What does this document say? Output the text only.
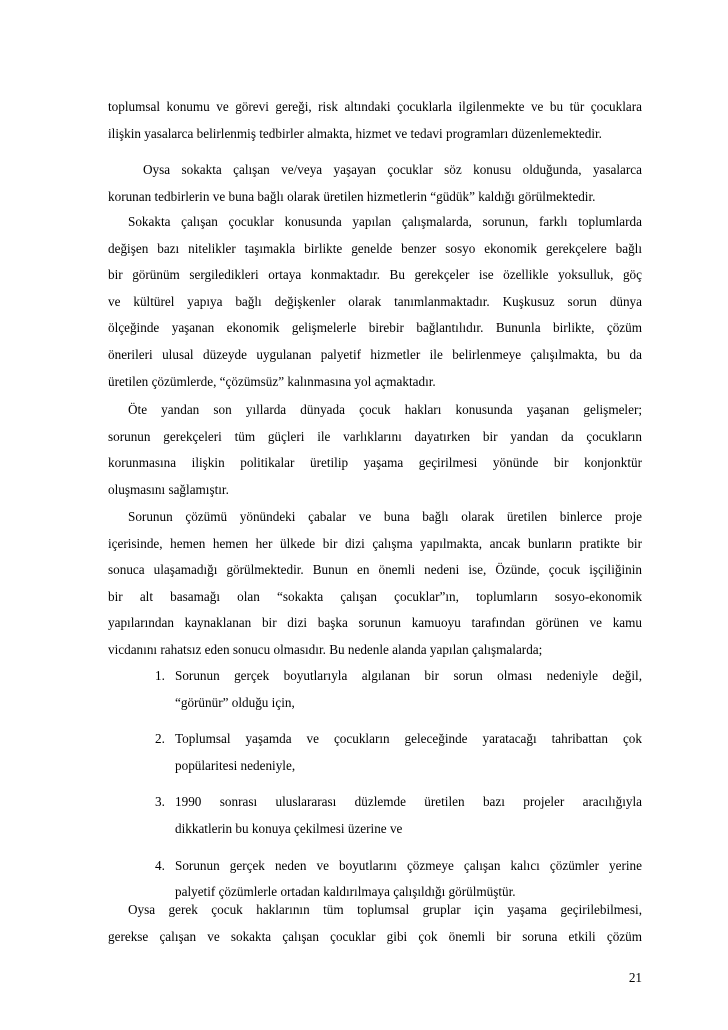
toplumsal konumu ve görevi gereği, risk altındaki çocuklarla ilgilenmekte ve bu tür çocuklara
ilişkin yasalarca belirlenmiş tedbirler almakta, hizmet ve tedavi programları düzenlemektedir.
Oysa sokakta çalışan ve/veya yaşayan çocuklar söz konusu olduğunda, yasalarca
korunan tedbirlerin ve buna bağlı olarak üretilen hizmetlerin “güdük” kaldığı görülmektedir.
Sokakta çalışan çocuklar konusunda yapılan çalışmalarda, sorunun, farklı toplumlarda
değişen bazı nitelikler taşımakla birlikte genelde benzer sosyo ekonomik gerekçelere bağlı
bir görünüm sergiledikleri ortaya konmaktadır. Bu gerekçeler ise özellikle yoksulluk, göç
ve kültürel yapıya bağlı değişkenler olarak tanımlanmaktadır. Kuşkusuz sorun dünya
ölçeğinde yaşanan ekonomik gelişmelerle birebir bağlantılıdır. Bununla birlikte, çözüm
önerileri ulusal düzeyde uygulanan palyetif hizmetler ile belirlenmeye çalışılmakta, bu da
üretilen çözümlerde, “çözümsüz” kalınmasına yol açmaktadır.
Öte yandan son yıllarda dünyada çocuk hakları konusunda yaşanan gelişmeler;
sorunun gerekçeleri tüm güçleri ile varlıklarını dayatırken bir yandan da çocukların
korunmasına ilişkin politikalar üretilip yaşama geçirilmesi yönünde bir konjonktür
oluşmasını sağlamıştır.
Sorunun çözümü yönündeki çabalar ve buna bağlı olarak üretilen binlerce proje
içerisinde, hemen hemen her ülkede bir dizi çalışma yapılmakta, ancak bunların pratikte bir
sonuca ulaşamadığı görülmektedir. Bunun en önemli nedeni ise, Özünde, çocuk işçiliğinin
bir alt basamağı olan “sokakta çalışan çocuklar”ın, toplumların sosyo-ekonomik
yapılarından kaynaklanan bir dizi başka sorunun kamuoyu tarafından görünen ve kamu
vicdanını rahatsız eden sonucu olmasıdır. Bu nedenle alanda yapılan çalışmalarda;
1. Sorunun gerçek boyutlarıyla algılanan bir sorun olması nedeniyle değil,
“görünür” olduğu için,
2. Toplumsal yaşamda ve çocukların geleceğinde yaratacağı tahribattan çok
popülaritesi nedeniyle,
3. 1990 sonrası uluslararası düzlemde üretilen bazı projeler aracılığıyla
dikkatlerin bu konuya çekilmesi üzerine ve
4. Sorunun gerçek neden ve boyutlarını çözmeye çalışan kalıcı çözümler yerine
palyetif çözümlerle ortadan kaldırılmaya çalışıldığı görülmüştür.
Oysa gerek çocuk haklarının tüm toplumsal gruplar için yaşama geçirilebilmesi,
gerekse çalışan ve sokakta çalışan çocuklar gibi çok önemli bir soruna etkili çözüm
21
